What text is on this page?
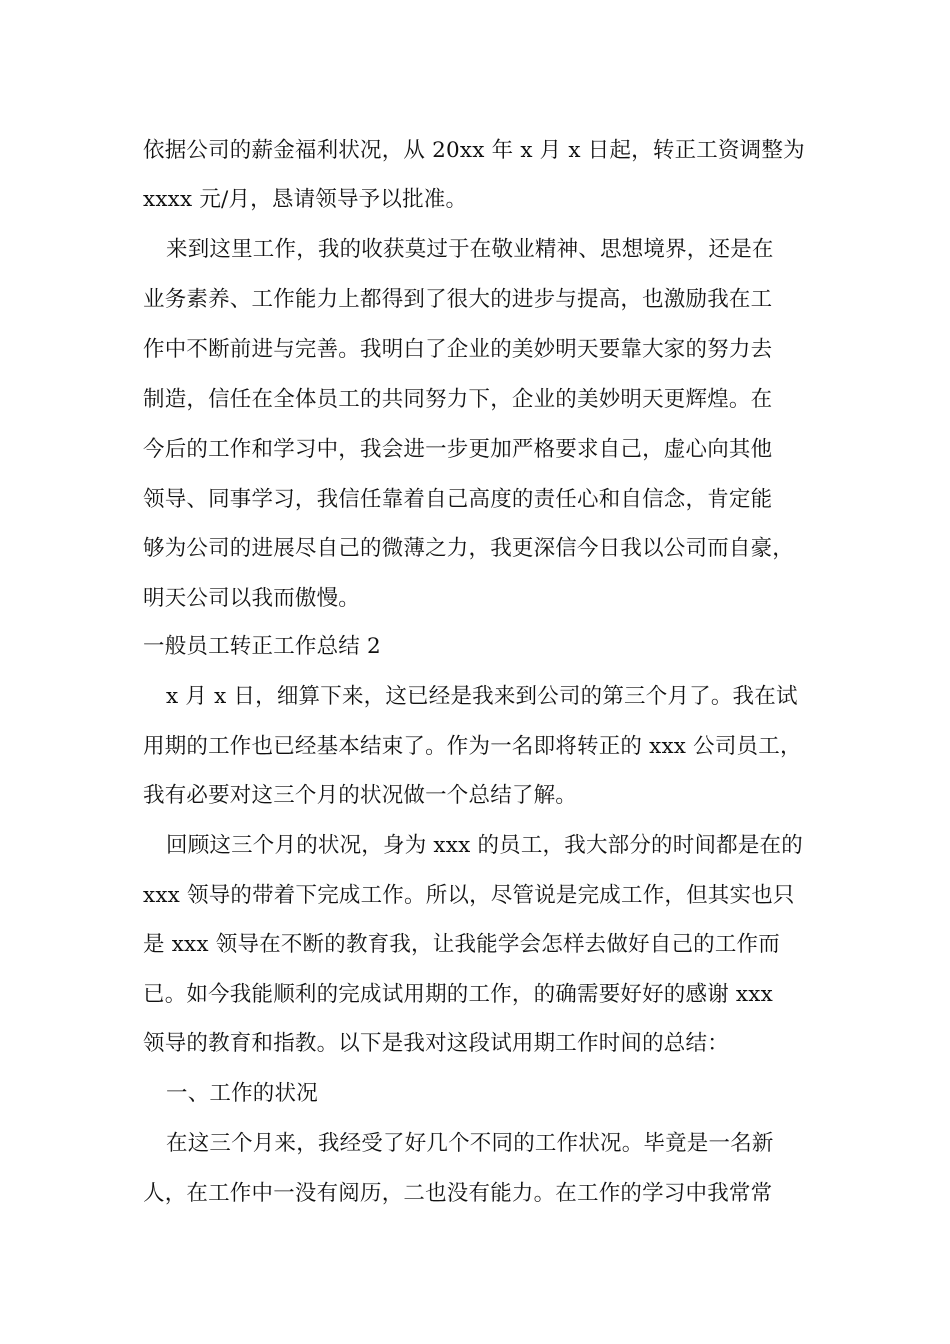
依据公司的薪金福利状况，从 20xx 年 x 月 x 日起，转正工资调整为
xxxx 元/月，恳请领导予以批准。
来到这里工作，我的收获莫过于在敬业精神、思想境界，还是在
业务素养、工作能力上都得到了很大的进步与提高，也激励我在工
作中不断前进与完善。我明白了企业的美妙明天要靠大家的努力去
制造，信任在全体员工的共同努力下，企业的美妙明天更辉煌。在
今后的工作和学习中，我会进一步更加严格要求自己，虚心向其他
领导、同事学习，我信任靠着自己高度的责任心和自信念，肯定能
够为公司的进展尽自己的微薄之力，我更深信今日我以公司而自豪，
明天公司以我而傲慢。
一般员工转正工作总结 2
x 月 x 日，细算下来，这已经是我来到公司的第三个月了。我在试
用期的工作也已经基本结束了。作为一名即将转正的 xxx 公司员工，
我有必要对这三个月的状况做一个总结了解。
回顾这三个月的状况，身为 xxx 的员工，我大部分的时间都是在的
xxx 领导的带着下完成工作。所以，尽管说是完成工作，但其实也只
是 xxx 领导在不断的教育我，让我能学会怎样去做好自己的工作而
已。如今我能顺利的完成试用期的工作，的确需要好好的感谢 xxx
领导的教育和指教。以下是我对这段试用期工作时间的总结：
一、工作的状况
在这三个月来，我经受了好几个不同的工作状况。毕竟是一名新
人，在工作中一没有阅历，二也没有能力。在工作的学习中我常常
